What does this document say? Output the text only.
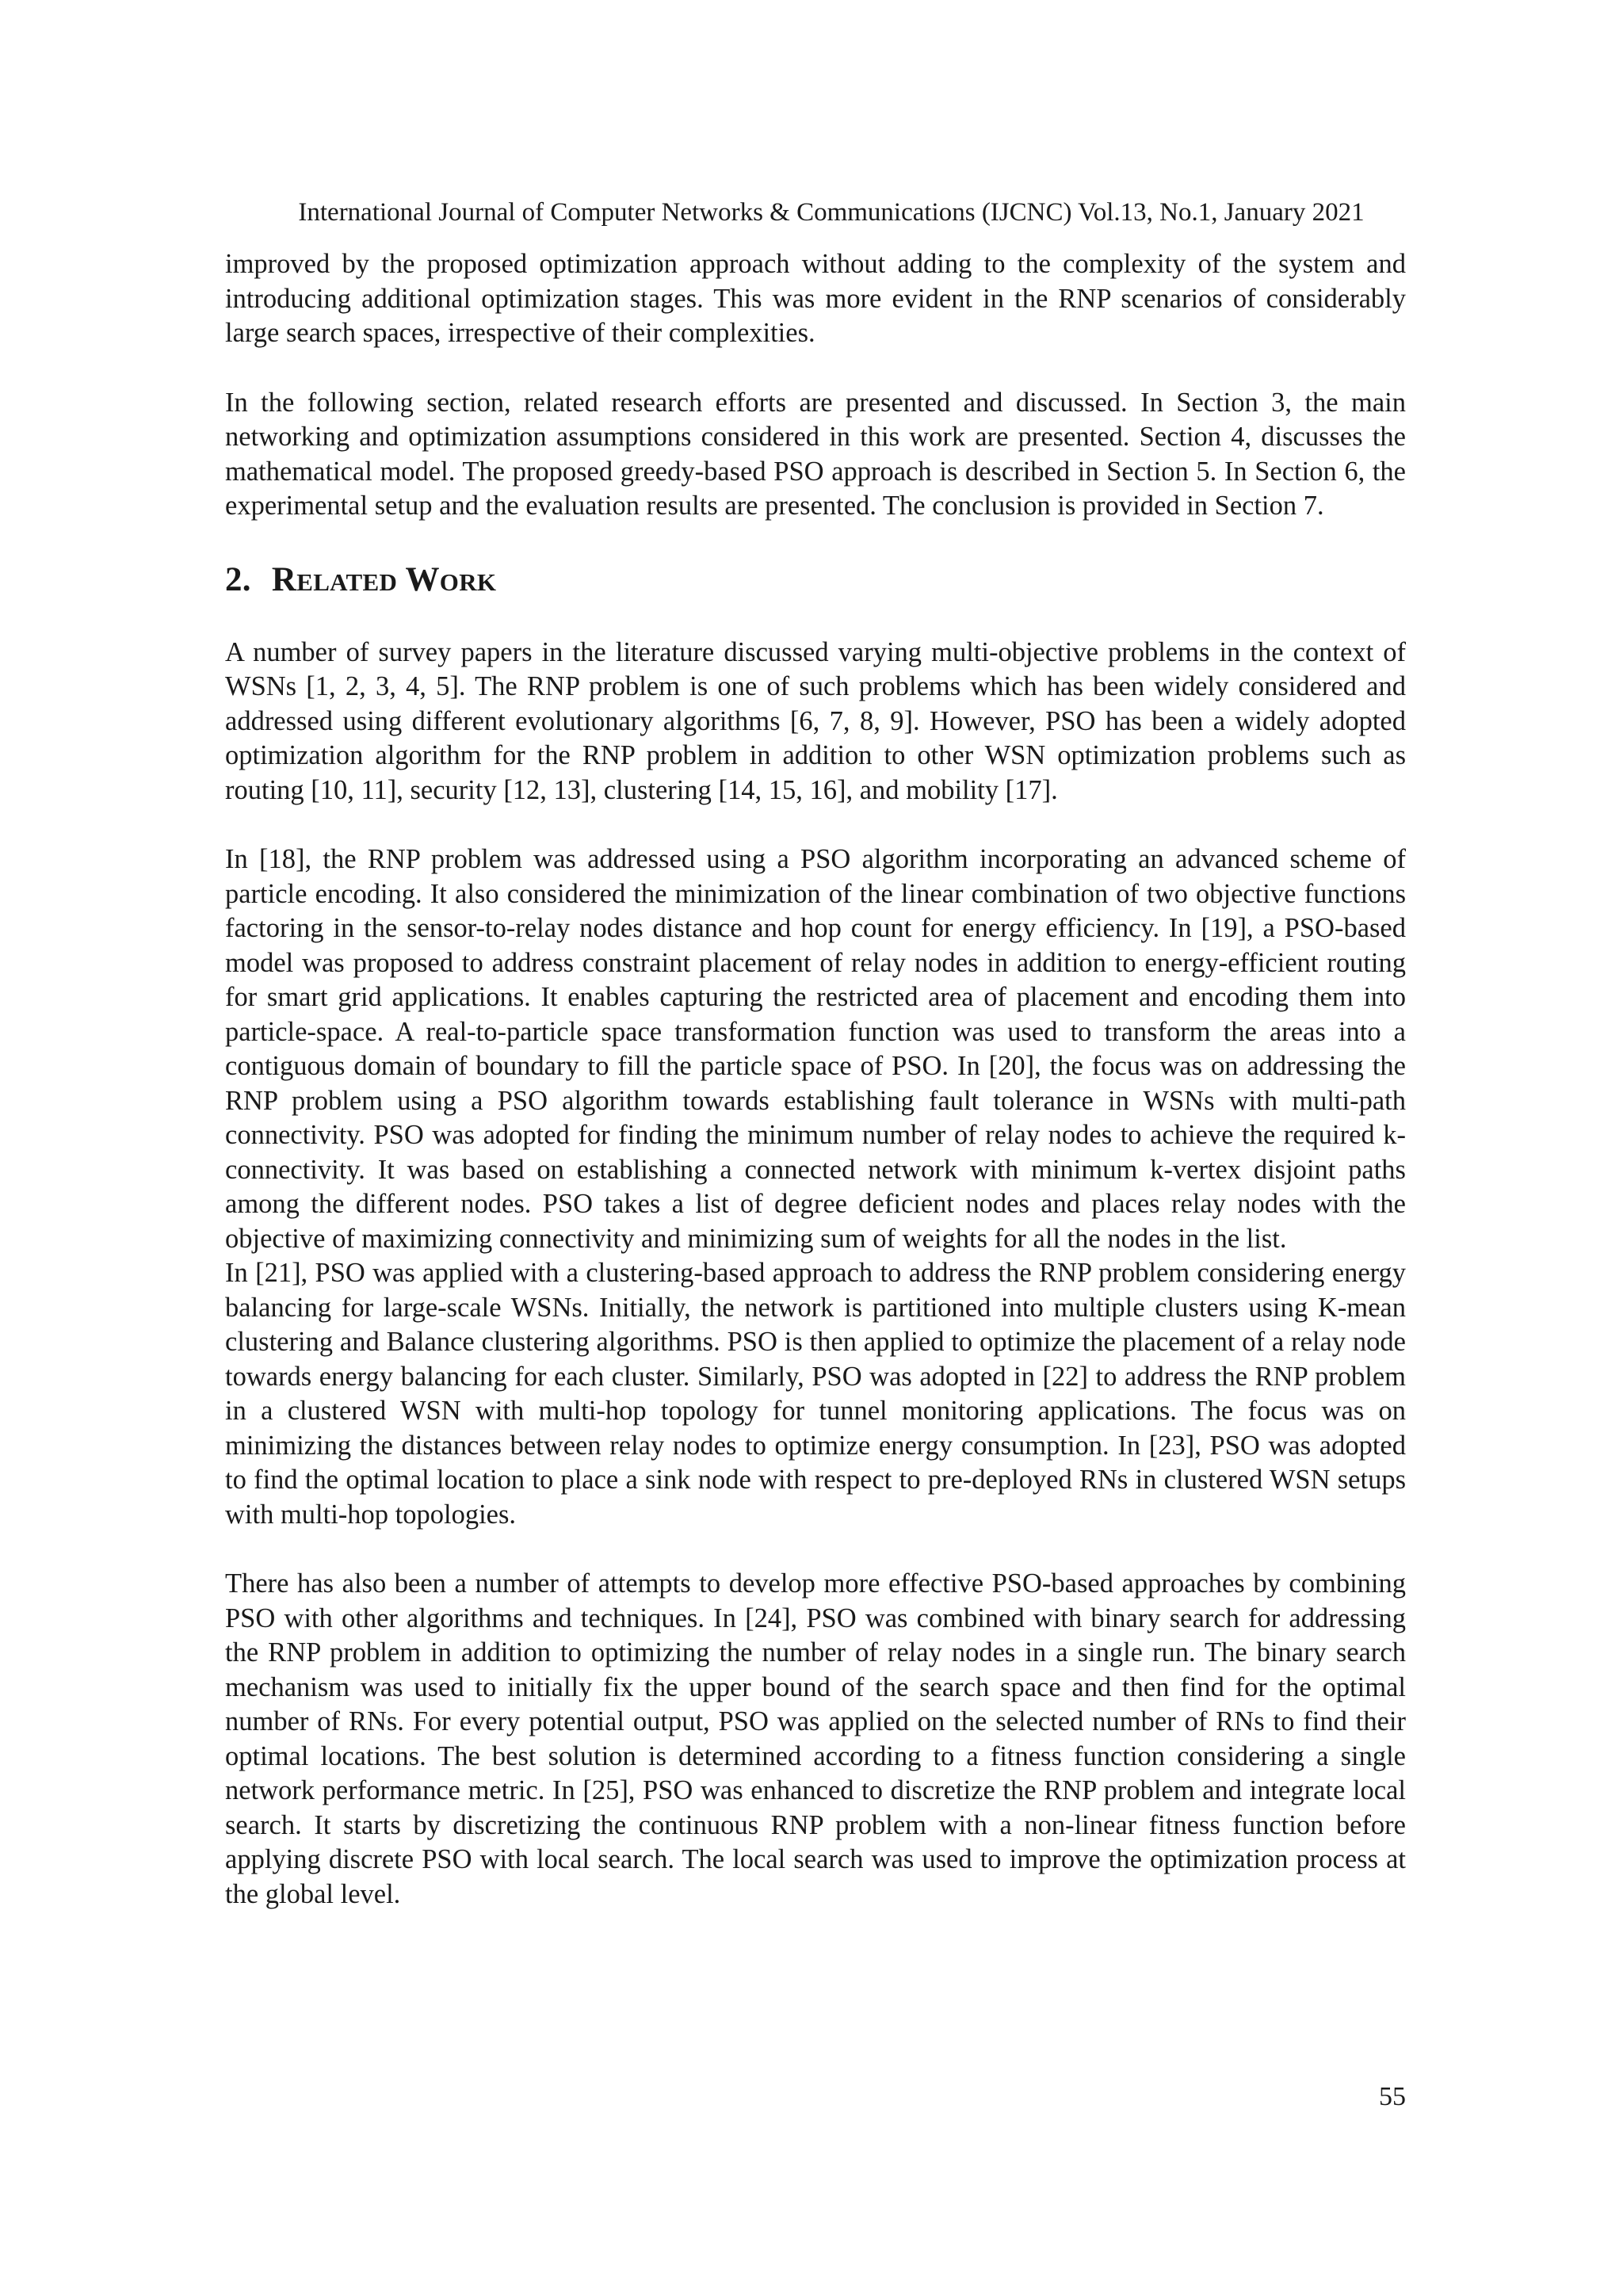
International Journal of Computer Networks & Communications (IJCNC) Vol.13, No.1, January 2021

improved by the proposed optimization approach without adding to the complexity of the system and introducing additional optimization stages. This was more evident in the RNP scenarios of considerably large search spaces, irrespective of their complexities.

In the following section, related research efforts are presented and discussed. In Section 3, the main networking and optimization assumptions considered in this work are presented. Section 4, discusses the mathematical model. The proposed greedy-based PSO approach is described in Section 5. In Section 6, the experimental setup and the evaluation results are presented. The conclusion is provided in Section 7.

2. RELATED WORK

A number of survey papers in the literature discussed varying multi-objective problems in the context of WSNs [1, 2, 3, 4, 5]. The RNP problem is one of such problems which has been widely considered and addressed using different evolutionary algorithms [6, 7, 8, 9]. However, PSO has been a widely adopted optimization algorithm for the RNP problem in addition to other WSN optimization problems such as routing [10, 11], security [12, 13], clustering [14, 15, 16], and mobility [17].

In [18], the RNP problem was addressed using a PSO algorithm incorporating an advanced scheme of particle encoding. It also considered the minimization of the linear combination of two objective functions factoring in the sensor-to-relay nodes distance and hop count for energy efficiency. In [19], a PSO-based model was proposed to address constraint placement of relay nodes in addition to energy-efficient routing for smart grid applications. It enables capturing the restricted area of placement and encoding them into particle-space. A real-to-particle space transformation function was used to transform the areas into a contiguous domain of boundary to fill the particle space of PSO. In [20], the focus was on addressing the RNP problem using a PSO algorithm towards establishing fault tolerance in WSNs with multi-path connectivity. PSO was adopted for finding the minimum number of relay nodes to achieve the required k-connectivity. It was based on establishing a connected network with minimum k-vertex disjoint paths among the different nodes. PSO takes a list of degree deficient nodes and places relay nodes with the objective of maximizing connectivity and minimizing sum of weights for all the nodes in the list.

In [21], PSO was applied with a clustering-based approach to address the RNP problem considering energy balancing for large-scale WSNs. Initially, the network is partitioned into multiple clusters using K-mean clustering and Balance clustering algorithms. PSO is then applied to optimize the placement of a relay node towards energy balancing for each cluster. Similarly, PSO was adopted in [22] to address the RNP problem in a clustered WSN with multi-hop topology for tunnel monitoring applications. The focus was on minimizing the distances between relay nodes to optimize energy consumption. In [23], PSO was adopted to find the optimal location to place a sink node with respect to pre-deployed RNs in clustered WSN setups with multi-hop topologies.

There has also been a number of attempts to develop more effective PSO-based approaches by combining PSO with other algorithms and techniques. In [24], PSO was combined with binary search for addressing the RNP problem in addition to optimizing the number of relay nodes in a single run. The binary search mechanism was used to initially fix the upper bound of the search space and then find for the optimal number of RNs. For every potential output, PSO was applied on the selected number of RNs to find their optimal locations. The best solution is determined according to a fitness function considering a single network performance metric. In [25], PSO was enhanced to discretize the RNP problem and integrate local search. It starts by discretizing the continuous RNP problem with a non-linear fitness function before applying discrete PSO with local search. The local search was used to improve the optimization process at the global level.

55
